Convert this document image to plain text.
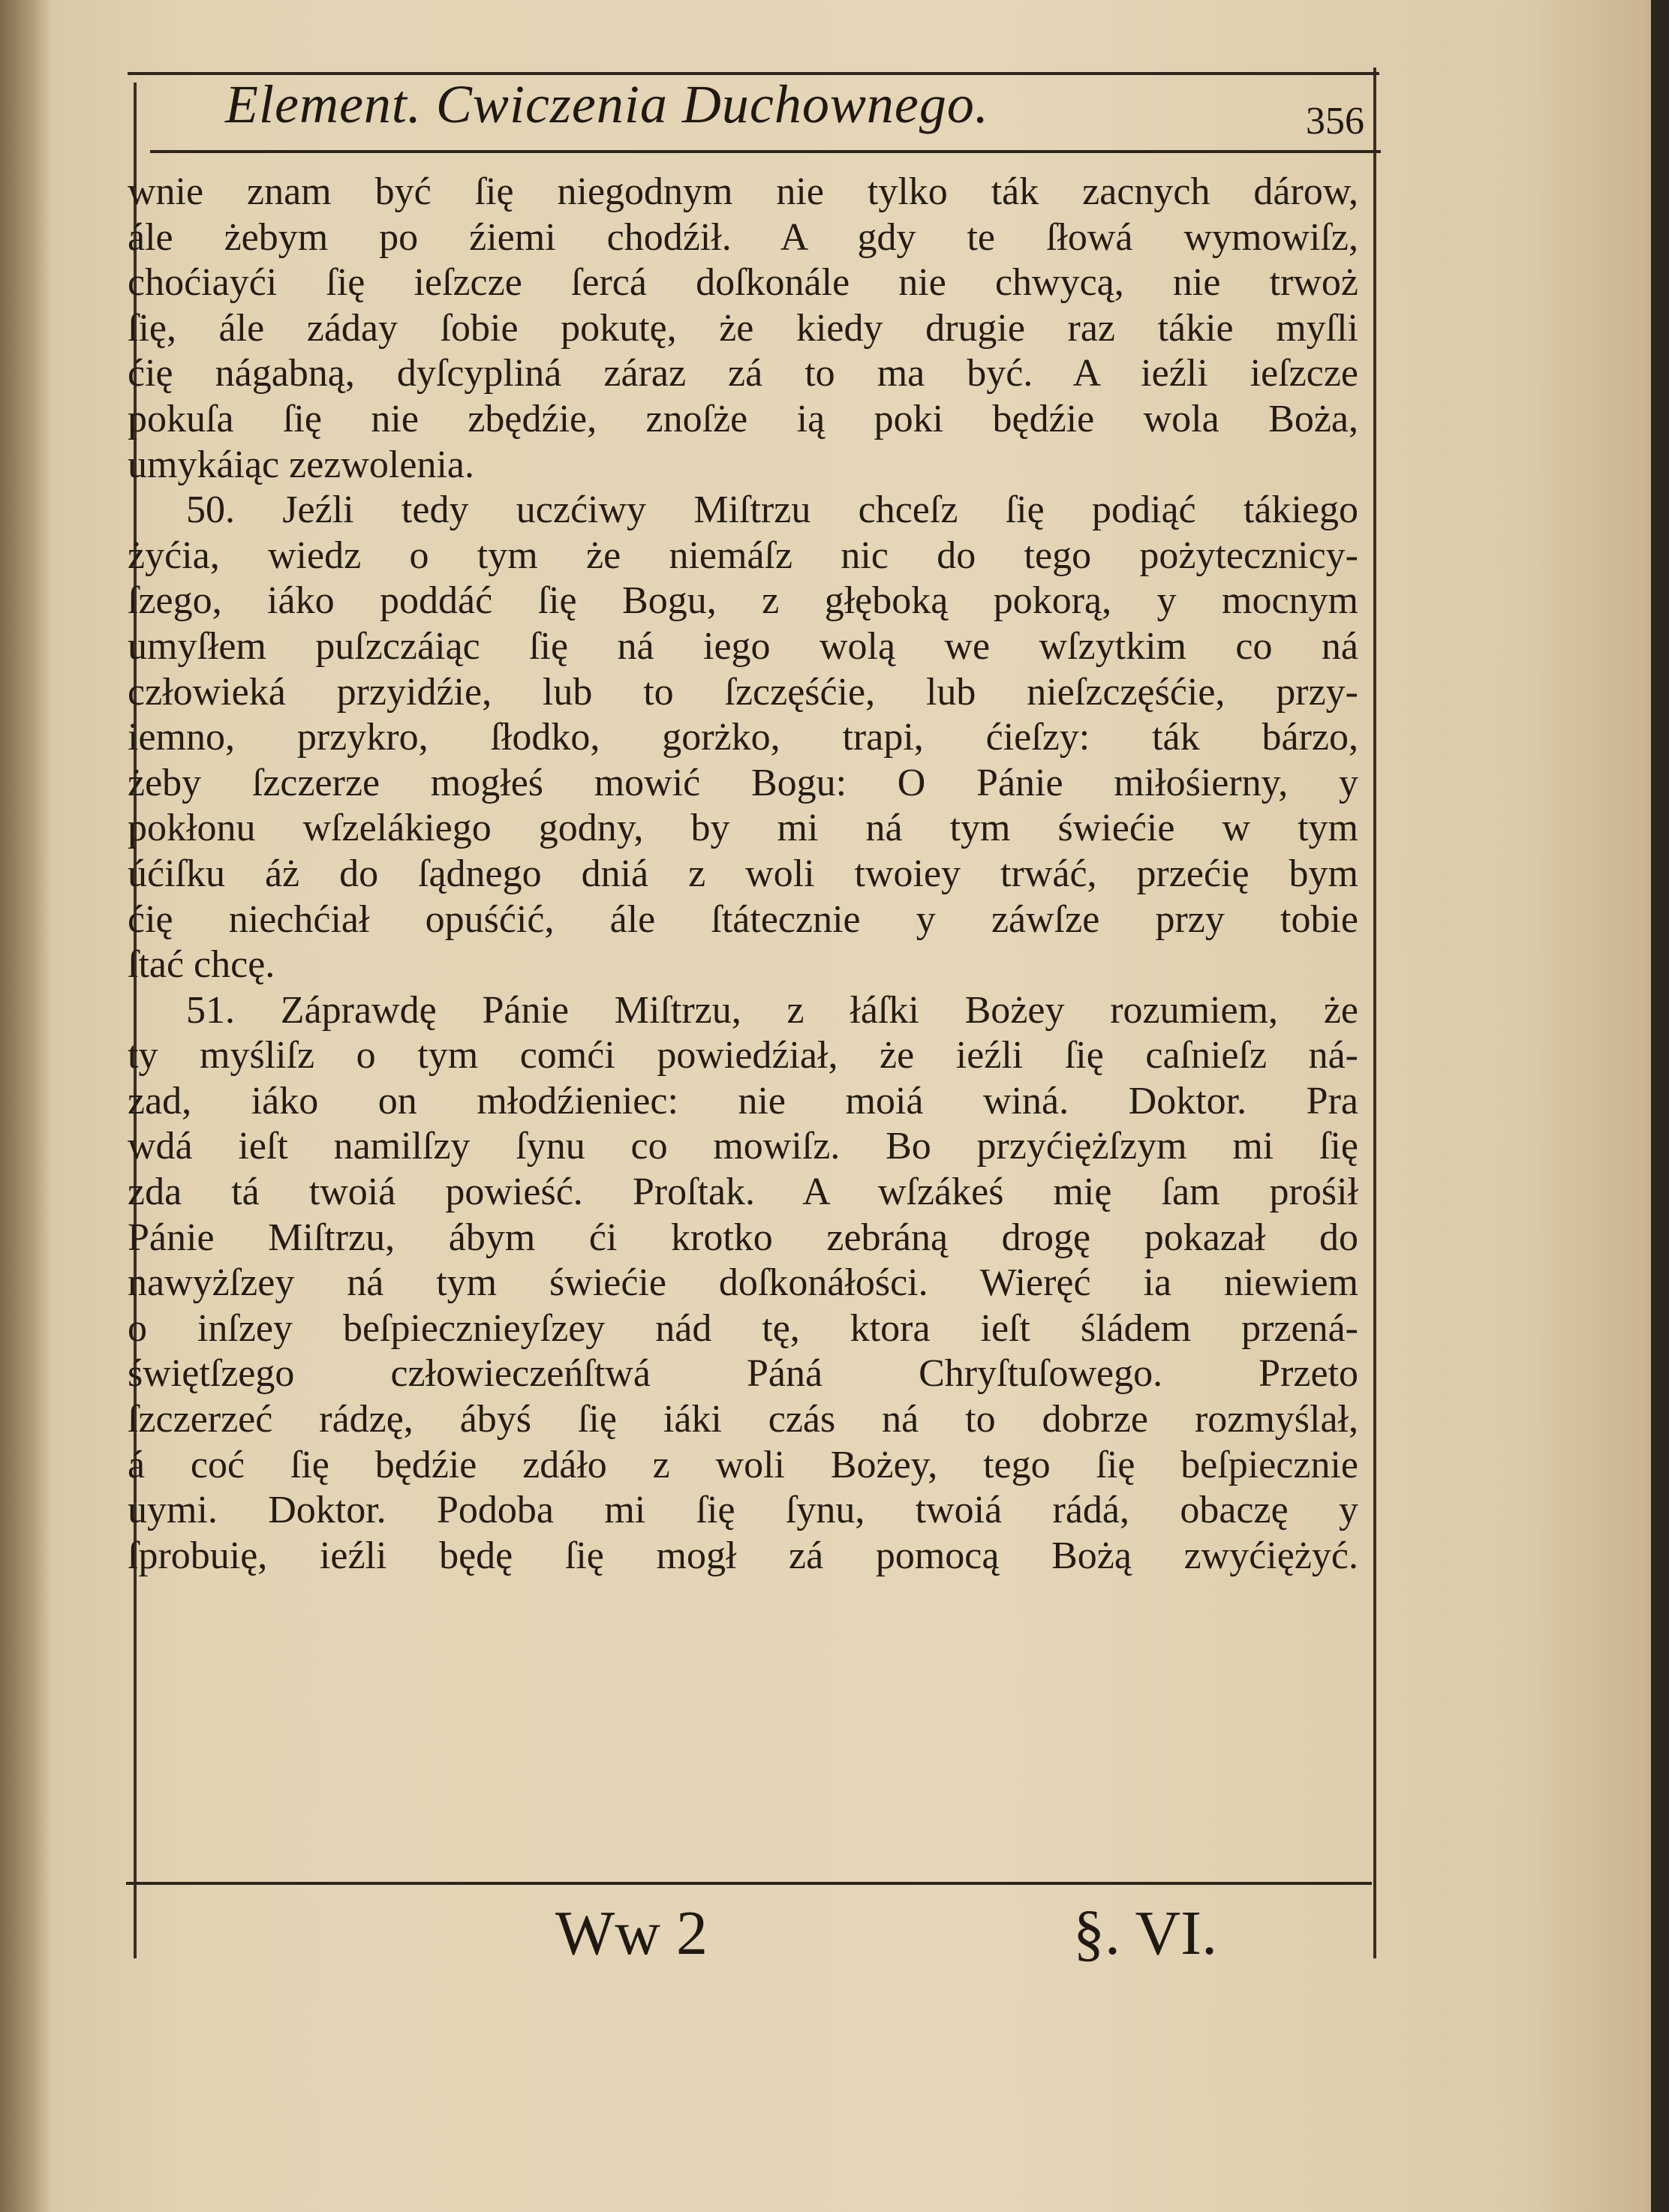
Element. Cwiczenia Duchownego.	356
wnie znam być ſię niegodnym nie tylko ták zacnych dárow,
ále żebym po źiemi chodźił. A gdy te ſłowá wymowiſz,
choćiayći ſię ieſzcze ſercá doſkonále nie chwycą, nie trwoż
ſię, ále záday ſobie pokutę, że kiedy drugie raz tákie myſli
ćię nágabną, dyſcypliná záraz zá to ma być. A ieźli ieſzcze
pokuſa ſię nie zbędźie, znoſże ią poki będźie wola Boża,
umykáiąc zezwolenia.
50. Jeźli tedy uczćiwy Miſtrzu chceſz ſię podiąć tákiego
żyćia, wiedz o tym że niemáſz nic do tego pożytecznicy-
ſzego, iáko poddáć ſię Bogu, z głęboką pokorą, y mocnym
umyſłem puſzczáiąc ſię ná iego wolą we wſzytkim co ná
człowieká przyidźie, lub to ſzczęśćie, lub nieſzczęśćie, przy-
iemno, przykro, ſłodko, gorżko, trapi, ćieſzy: ták bárzo,
żeby ſzczerze mogłeś mowić Bogu: O Pánie miłośierny, y
pokłonu wſzelákiego godny, by mi ná tym świećie w tym
úćiſku áż do ſądnego dniá z woli twoiey trwáć, przećię bym
ćię niechćiał opuśćić, ále ſtátecznie y záwſze przy tobie
ſtać chcę.
51. Záprawdę Pánie Miſtrzu, z łáſki Bożey rozumiem, że
ty myśliſz o tym comći powiedźiał, że ieźli ſię caſnieſz ná-
zad, iáko on młodźieniec: nie moiá winá. Doktor. Pra
wdá ieſt namilſzy ſynu co mowiſz. Bo przyćiężſzym mi ſię
zda tá twoiá powieść. Proſtak. A wſzákeś mię ſam prośił
Pánie Miſtrzu, ábym ći krotko zebráną drogę pokazał do
nawyżſzey ná tym świećie doſkonáłości. Wieręć ia niewiem
o inſzey beſpiecznieyſzey nád tę, ktora ieſt śládem przená-
świętſzego człowieczeńſtwá Páná Chryſtuſowego. Przeto
ſzczerzeć rádzę, ábyś ſię iáki czás ná to dobrze rozmyślał,
á coć ſię będźie zdáło z woli Bożey, tego ſię beſpiecznie
uymi. Doktor. Podoba mi ſię ſynu, twoiá rádá, obaczę y
ſprobuię, ieźli będę ſię mogł zá pomocą Bożą zwyćiężyć.
Ww 2	§. VI.
